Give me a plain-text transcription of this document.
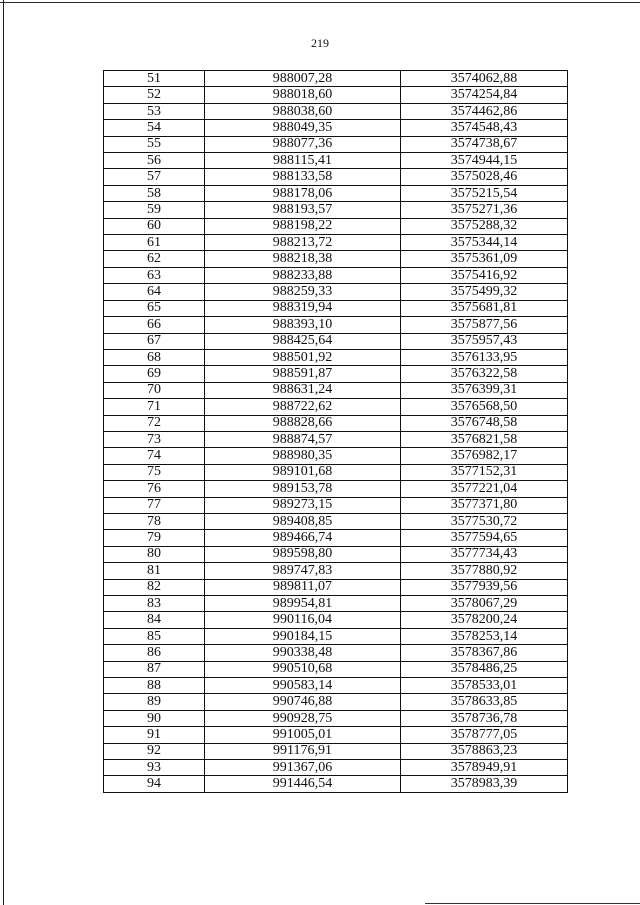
219
51	988007,28	3574062,88
52	988018,60	3574254,84
53	988038,60	3574462,86
54	988049,35	3574548,43
55	988077,36	3574738,67
56	988115,41	3574944,15
57	988133,58	3575028,46
58	988178,06	3575215,54
59	988193,57	3575271,36
60	988198,22	3575288,32
61	988213,72	3575344,14
62	988218,38	3575361,09
63	988233,88	3575416,92
64	988259,33	3575499,32
65	988319,94	3575681,81
66	988393,10	3575877,56
67	988425,64	3575957,43
68	988501,92	3576133,95
69	988591,87	3576322,58
70	988631,24	3576399,31
71	988722,62	3576568,50
72	988828,66	3576748,58
73	988874,57	3576821,58
74	988980,35	3576982,17
75	989101,68	3577152,31
76	989153,78	3577221,04
77	989273,15	3577371,80
78	989408,85	3577530,72
79	989466,74	3577594,65
80	989598,80	3577734,43
81	989747,83	3577880,92
82	989811,07	3577939,56
83	989954,81	3578067,29
84	990116,04	3578200,24
85	990184,15	3578253,14
86	990338,48	3578367,86
87	990510,68	3578486,25
88	990583,14	3578533,01
89	990746,88	3578633,85
90	990928,75	3578736,78
91	991005,01	3578777,05
92	991176,91	3578863,23
93	991367,06	3578949,91
94	991446,54	3578983,39
